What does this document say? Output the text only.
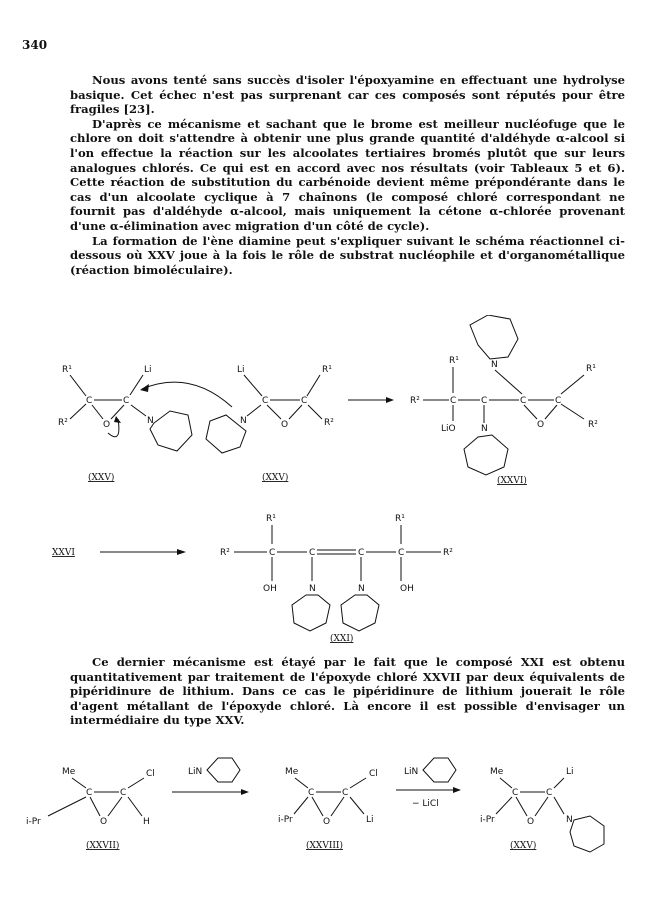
340

Nous avons tenté sans succès d'isoler l'époxyamine en effectuant une hydrolyse basique. Cet échec n'est pas surprenant car ces composés sont réputés pour être fragiles [23].

D'après ce mécanisme et sachant que le brome est meilleur nucléofuge que le chlore on doit s'attendre à obtenir une plus grande quantité d'aldéhyde α-alcool si l'on effectue la réaction sur les alcoolates tertiaires bromés plutôt que sur leurs analogues chlorés. Ce qui est en accord avec nos résultats (voir Tableaux 5 et 6). Cette réaction de substitution du carbénoide devient même prépondérante dans le cas d'un alcoolate cyclique à 7 chaînons (le composé chloré correspondant ne fournit pas d'aldéhyde α-alcool, mais uniquement la cétone α-chlorée provenant d'une α-élimination avec migration d'un côté de cycle).

La formation de l'ène diamine peut s'expliquer suivant le schéma réactionnel ci-dessous où XXV joue à la fois le rôle de substrat nucléophile et d'organométallique (réaction bimoléculaire).

R¹	Li
R²
C	C
O	N
(XXV)
Li	R¹
C	C
O
N	R²
(XXV)
N
R¹
R²	C	C	C	C
R¹
R²
O
LiO	N
(XXVI)
XXVI
R¹	R¹
R²	C	C	C	C	R²
OH	N	N	OH
(XXI)

Ce dernier mécanisme est étayé par le fait que le composé XXI est obtenu quantitativement par traitement de l'époxyde chloré XXVII par deux équivalents de pipéridinure de lithium. Dans ce cas le pipéridinure de lithium jouerait le rôle d'agent métallant de l'époxyde chloré. Là encore il est possible d'envisager un intermédiaire du type XXV.

Me	Cl
i-Pr
C	C
O	H
(XXVII)
LiN	Me	Cl
i-Pr
C	C
O	Li
(XXVIII)
LiN
− LiCl
Me	Li
i-Pr
C	C
O	N
(XXV)
